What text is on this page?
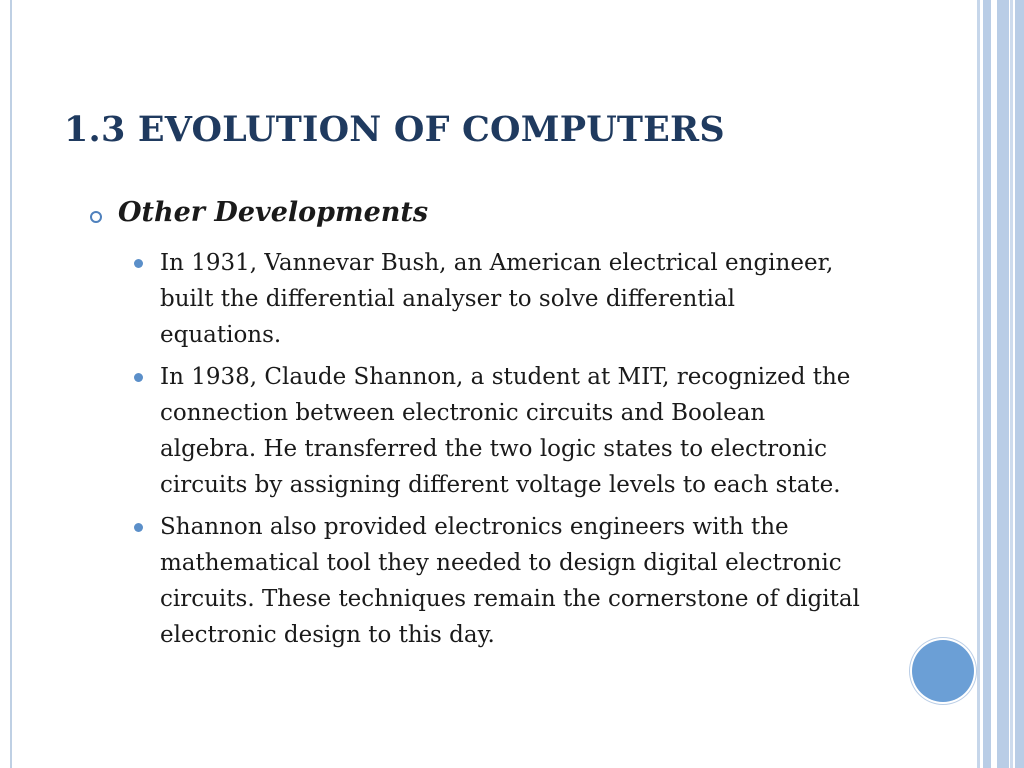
1.3 EVOLUTION OF COMPUTERS
Other Developments
In 1931, Vannevar Bush, an American electrical engineer, built the differential analyser to solve differential equations.
In 1938, Claude Shannon, a student at MIT, recognized the connection between electronic circuits and Boolean algebra. He transferred the two logic states to electronic circuits by assigning different voltage levels to each state.
Shannon also provided electronics engineers with the mathematical tool they needed to design digital electronic circuits. These techniques remain the cornerstone of digital electronic design to this day.
